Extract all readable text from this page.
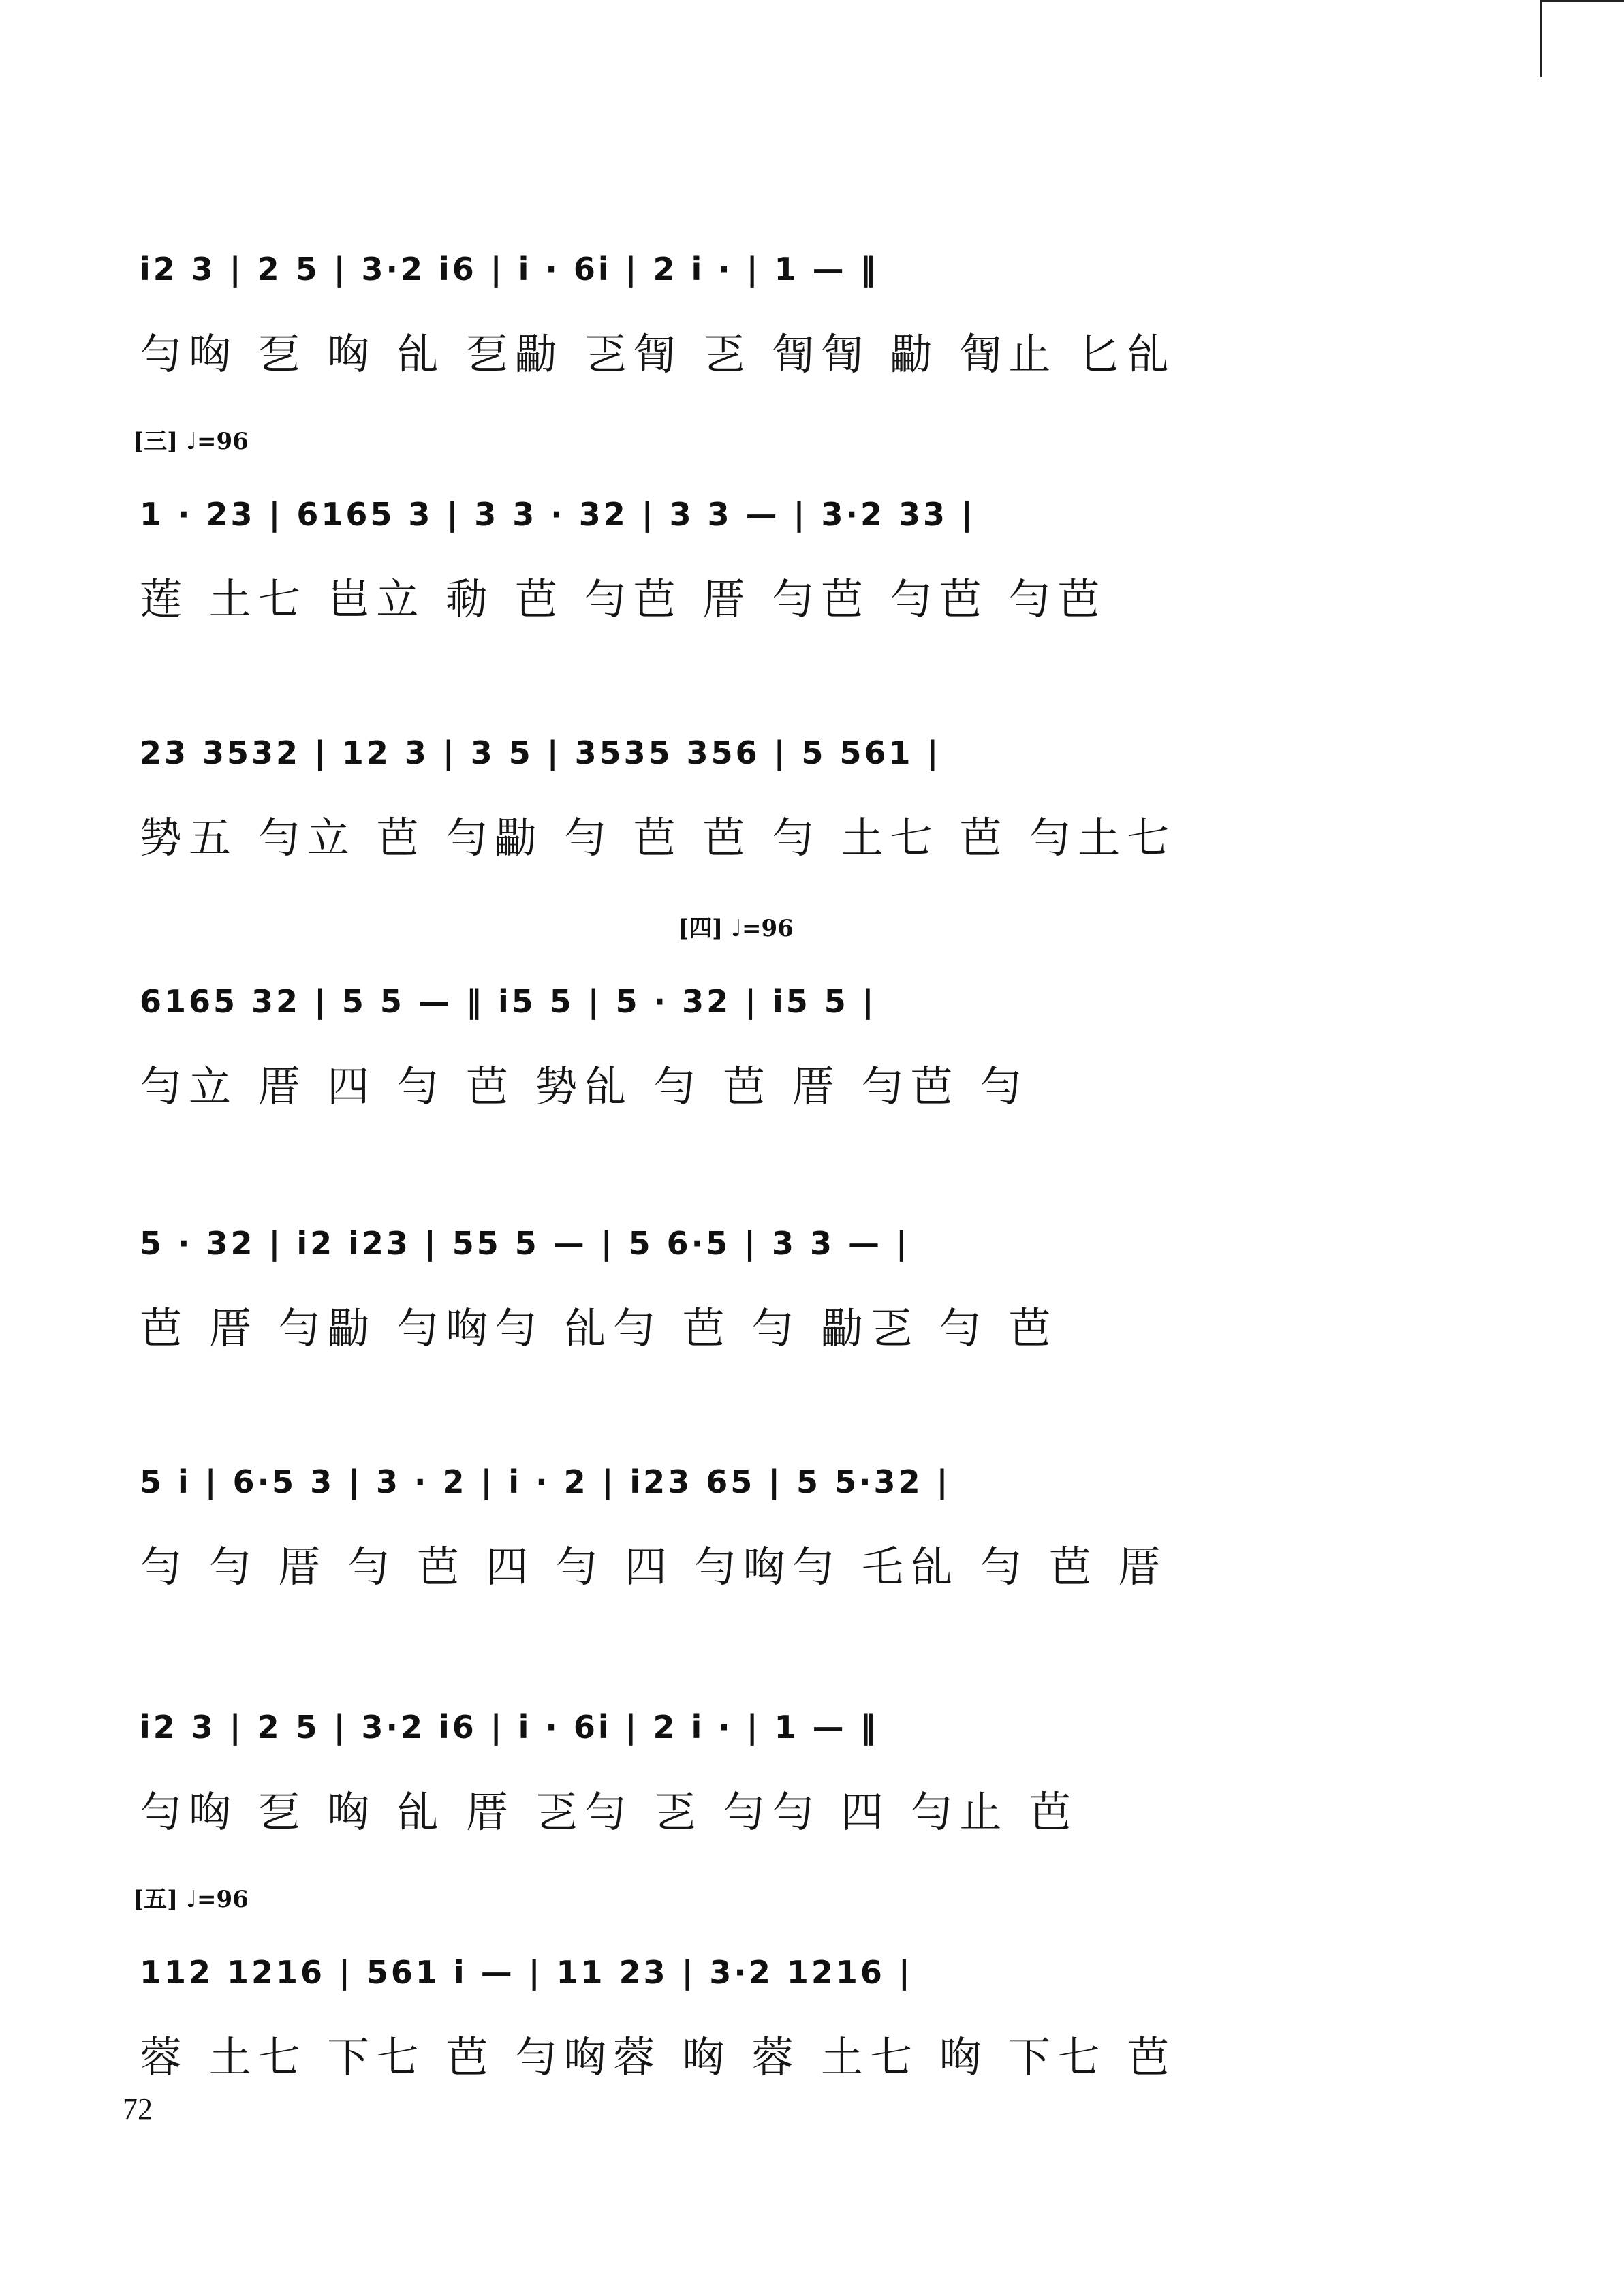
i2 3 | 2 5 | 3·2 i6 | i · 6i | 2 i · | 1 — ‖
勻㕼 乭 㕼 乨 乭㔣 乤㔨 乤 㔨㔨 㔣 㔨止 匕乨
[三] ♩=96
1 · 23 | 6165 3 | 3 3 · 32 | 3 3 — | 3·2 33 |
莲 ⼟七 岜立 㔞 芭 勻芭 厝 勻芭 勻芭 勻芭
23 3532 | 12 3 | 3 5 | 3535 356 | 5 561 |
㔟五 勻立 芭 勻㔣 勻 芭 芭 勻 ⼟七 芭 勻⼟七
[四] ♩=96
6165 32 | 5 5 — ‖ i5 5 | 5 · 32 | i5 5 |
勻立 厝 四 勻 芭 㔟乨 勻 芭 厝 勻芭 勻
5 · 32 | i2 i23 | 55 5 — | 5 6·5 | 3 3 — |
芭 厝 勻㔣 勻㕼勻 乨勻 芭 勻 㔣乤 勻 芭
5 i | 6·5 3 | 3 · 2 | i · 2 | i23 65 | 5 5·32 |
勻 勻 厝 勻 芭 四 勻 四 勻㕼勻 乇乨 勻 芭 厝
i2 3 | 2 5 | 3·2 i6 | i · 6i | 2 i · | 1 — ‖
勻㕼 乭 㕼 乨 厝 乤勻 乤 勻勻 四 勻止 芭
[五] ♩=96
112 1216 | 561 i — | 11 23 | 3·2 1216 |
蓉 ⼟七 下七 芭 勻㕼蓉 㕼 蓉 ⼟七 㕼 下七 芭
72
